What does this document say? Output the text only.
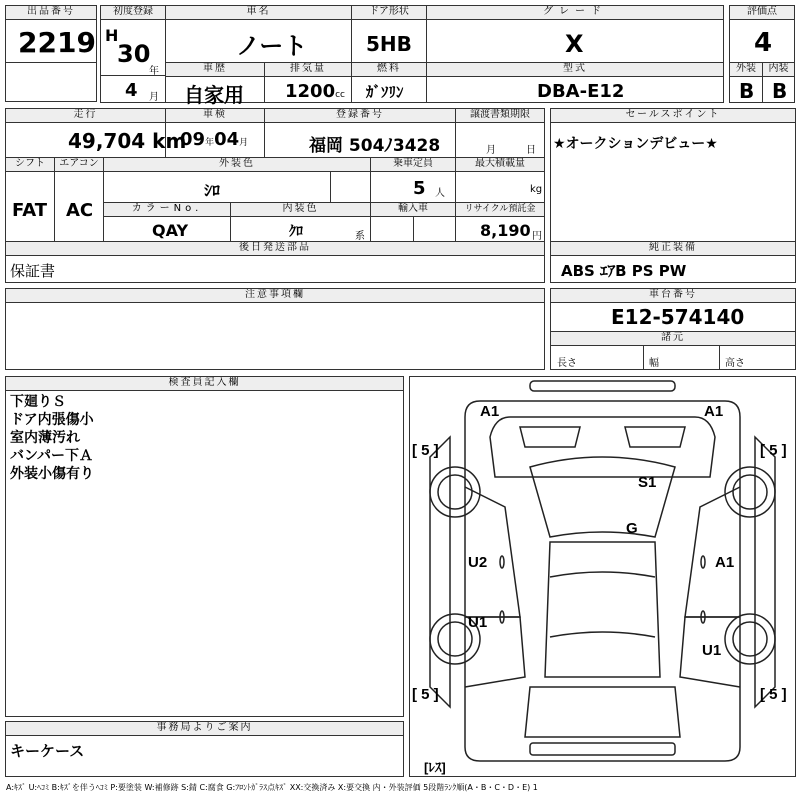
出品番号
2219
初度登録
H
30
年
4 月
車名
ノート
ドア形状
5HB
グレード
X
評価点
4
車歴
自家用
排気量
1200cc
燃料
ｶﾞｿﾘﾝ
型式
DBA-E12
外装
B
内装
B
走行
49,704 km
車検
09年04月
登録番号
福岡 504ﾉ3428
譲渡書類期限
月	日
セールスポイント
★オークションデビュー★
シフト
FAT
エアコン
AC
外装色
ｼﾛ
乗車定員
5 人
最大積載量
kg
カラーNo.
QAY
内装色
ｸﾛ	系
輸入車	リサイクル預託金
8,190 円
後日発送部品
保証書
純正装備
ABS ｴｱB PS PW
注意事項欄	車台番号
E12-574140
諸元
長さ	幅	高さ
検査員記入欄
下廻りＳ
ドア内張傷小
室内薄汚れ
バンパー下Ａ
外装小傷有り
事務局よりご案内
キーケース
A1	A1
S1
G
U2	A1
U1
U1
[ 5 ]	[ 5 ]
[ 5 ]	[ 5 ]
[ﾚｽ]
A:ｷｽﾞ U:ﾍｺﾐ B:ｷｽﾞを伴うﾍｺﾐ P:要塗装 W:補修跡 S:錆 C:腐食 G:ﾌﾛﾝﾄｶﾞﾗｽ点ｷｽﾞ XX:交換済み X:要交換 内・外装評価 5段階ﾗﾝｸ順(A・B・C・D・E) 1
